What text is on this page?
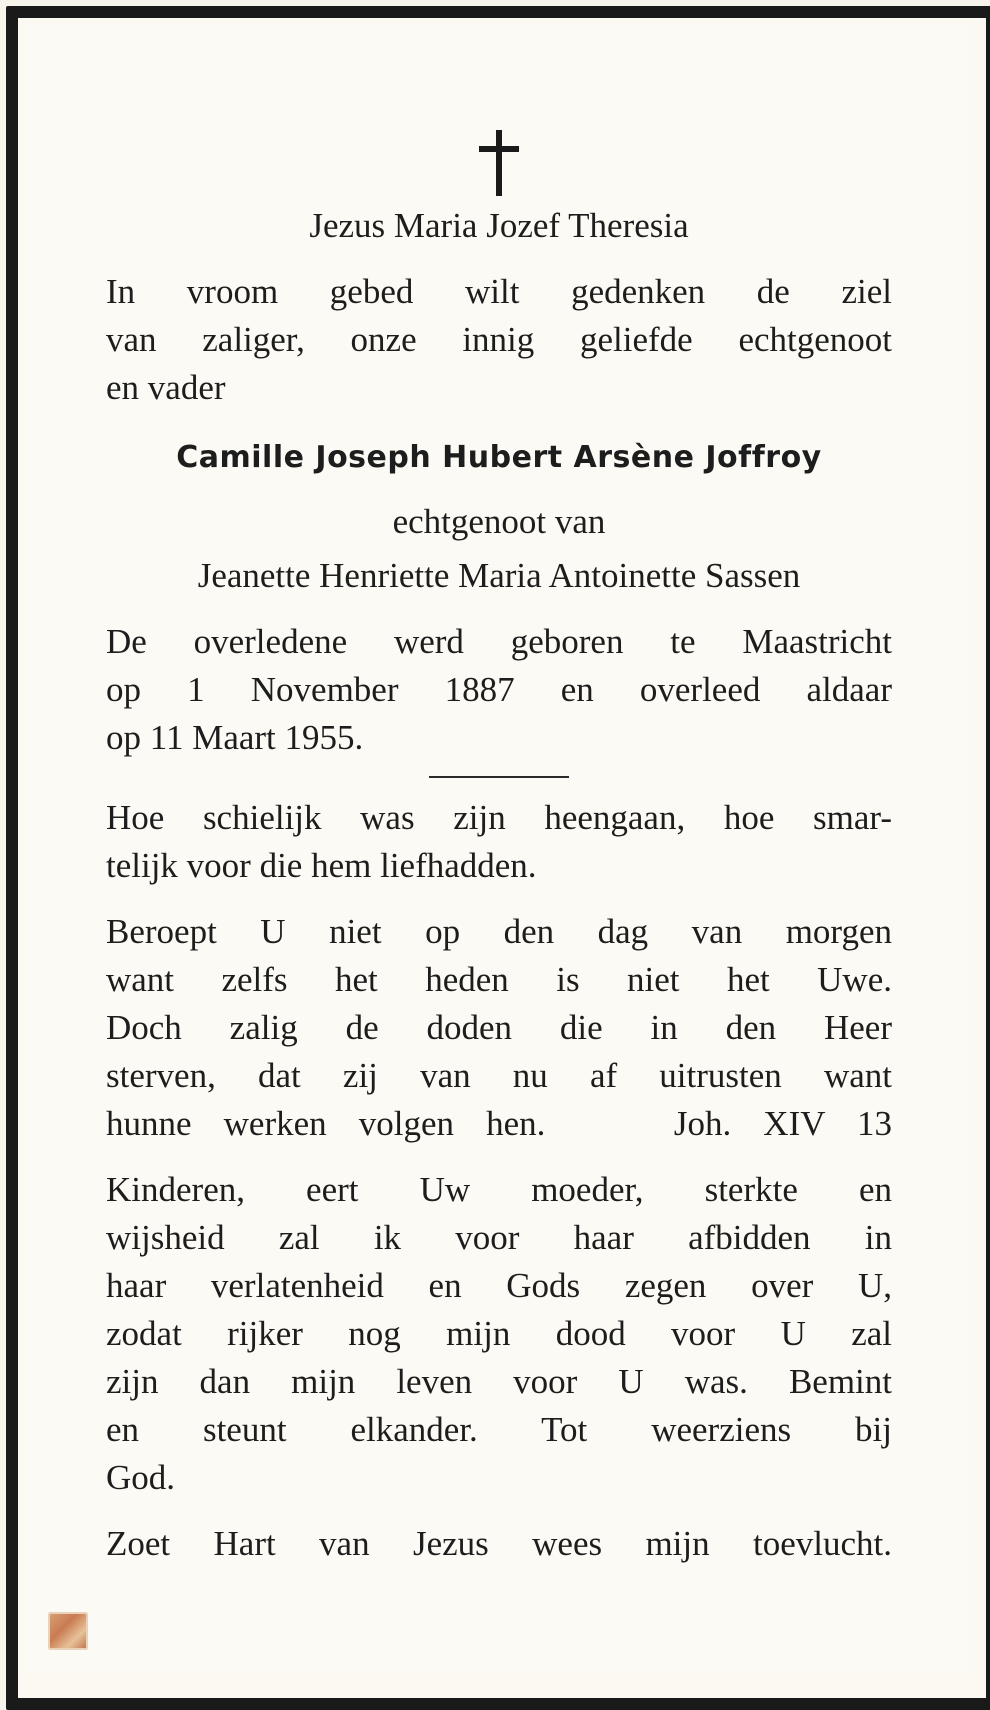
Jezus Maria Jozef Theresia

In vroom gebed wilt gedenken de ziel

van zaliger, onze innig geliefde echtgenoot

en vader

Camille Joseph Hubert Arsène Joffroy

echtgenoot van

Jeanette Henriette Maria Antoinette Sassen

De overledene werd geboren te Maastricht

op 1 November 1887 en overleed aldaar

op 11 Maart 1955.

Hoe schielijk was zijn heengaan, hoe smar-

telijk voor die hem liefhadden.

Beroept U niet op den dag van morgen

want zelfs het heden is niet het Uwe.

Doch zalig de doden die in den Heer

sterven, dat zij van nu af uitrusten want

hunne werken volgen hen.    Joh. XIV 13

Kinderen, eert Uw moeder, sterkte en

wijsheid zal ik voor haar afbidden in

haar verlatenheid en Gods zegen over U,

zodat rijker nog mijn dood voor U zal

zijn dan mijn leven voor U was. Bemint

en steunt elkander. Tot weerziens bij

God.

Zoet Hart van Jezus wees mijn toevlucht.
